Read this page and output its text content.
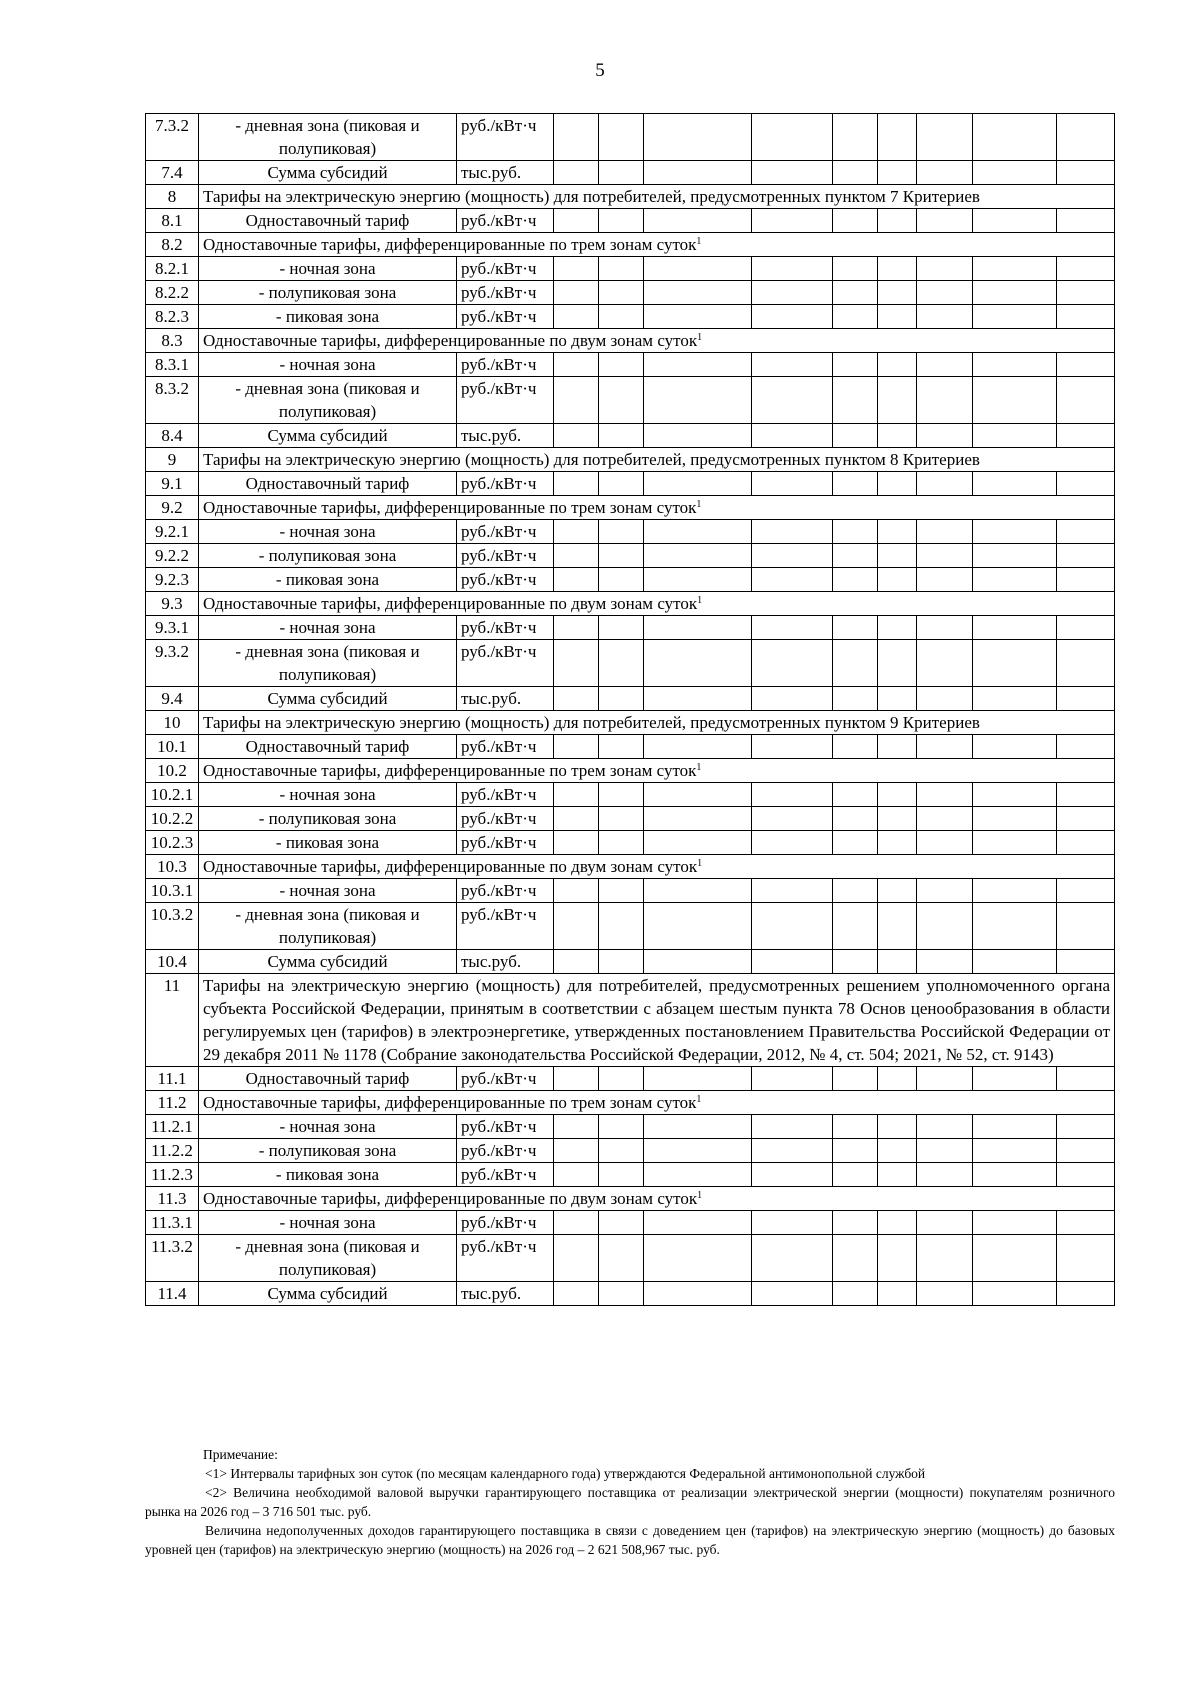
5
7.3.2	- дневная зона (пиковая и полупиковая)	руб./кВт·ч									
7.4	Сумма субсидий	тыс.руб.									
8	Тарифы на электрическую энергию (мощность) для потребителей, предусмотренных пунктом 7 Критериев										
8.1	Одноставочный тариф	руб./кВт·ч									
8.2	Одноставочные тарифы, дифференцированные по трем зонам суток$^1$
8.2.1	- ночная зона	руб./кВт·ч									
8.2.2	- полупиковая зона	руб./кВт·ч									
8.2.3	- пиковая зона	руб./кВт·ч									
8.3	Одноставочные тарифы, дифференцированные по двум зонам суток$^1$
8.3.1	- ночная зона	руб./кВт·ч									
8.3.2	- дневная зона (пиковая и полупиковая)	руб./кВт·ч									
8.4	Сумма субсидий	тыс.руб.									
9	Тарифы на электрическую энергию (мощность) для потребителей, предусмотренных пунктом 8 Критериев										
9.1	Одноставочный тариф	руб./кВт·ч									
9.2	Одноставочные тарифы, дифференцированные по трем зонам суток$^1$
9.2.1	- ночная зона	руб./кВт·ч									
9.2.2	- полупиковая зона	руб./кВт·ч									
9.2.3	- пиковая зона	руб./кВт·ч									
9.3	Одноставочные тарифы, дифференцированные по двум зонам суток$^1$
9.3.1	- ночная зона	руб./кВт·ч									
9.3.2	- дневная зона (пиковая и полупиковая)	руб./кВт·ч									
9.4	Сумма субсидий	тыс.руб.									
10	Тарифы на электрическую энергию (мощность) для потребителей, предусмотренных пунктом 9 Критериев										
10.1	Одноставочный тариф	руб./кВт·ч									
10.2	Одноставочные тарифы, дифференцированные по трем зонам суток$^1$
10.2.1	- ночная зона	руб./кВт·ч									
10.2.2	- полупиковая зона	руб./кВт·ч									
10.2.3	- пиковая зона	руб./кВт·ч									
10.3	Одноставочные тарифы, дифференцированные по двум зонам суток$^1$
10.3.1	- ночная зона	руб./кВт·ч									
10.3.2	- дневная зона (пиковая и полупиковая)	руб./кВт·ч									
10.4	Сумма субсидий	тыс.руб.									
11	Тарифы на электрическую энергию (мощность) для потребителей, предусмотренных решением уполномоченного органа субъекта Российской Федерации, принятым в соответствии с абзацем шестым пункта 78 Основ ценообразования в области регулируемых цен (тарифов) в электроэнергетике, утвержденных постановлением Правительства Российской Федерации от 29 декабря 2011 № 1178 (Собрание законодательства Российской Федерации, 2012, № 4, ст. 504; 2021, № 52, ст. 9143)										
11.1	Одноставочный тариф	руб./кВт·ч									
11.2	Одноставочные тарифы, дифференцированные по трем зонам суток$^1$
11.2.1	- ночная зона	руб./кВт·ч									
11.2.2	- полупиковая зона	руб./кВт·ч									
11.2.3	- пиковая зона	руб./кВт·ч									
11.3	Одноставочные тарифы, дифференцированные по двум зонам суток$^1$
11.3.1	- ночная зона	руб./кВт·ч									
11.3.2	- дневная зона (пиковая и полупиковая)	руб./кВт·ч									
11.4	Сумма субсидий	тыс.руб.									

Примечание:

<1> Интервалы тарифных зон суток (по месяцам календарного года) утверждаются Федеральной антимонопольной службой

<2> Величина необходимой валовой выручки гарантирующего поставщика от реализации электрической энергии (мощности) покупателям розничного рынка на 2026 год – 3 716 501 тыс. руб.

Величина недополученных доходов гарантирующего поставщика в связи с доведением цен (тарифов) на электрическую энергию (мощность) до базовых уровней цен (тарифов) на электрическую энергию (мощность) на 2026 год – 2 621 508,967 тыс. руб.
